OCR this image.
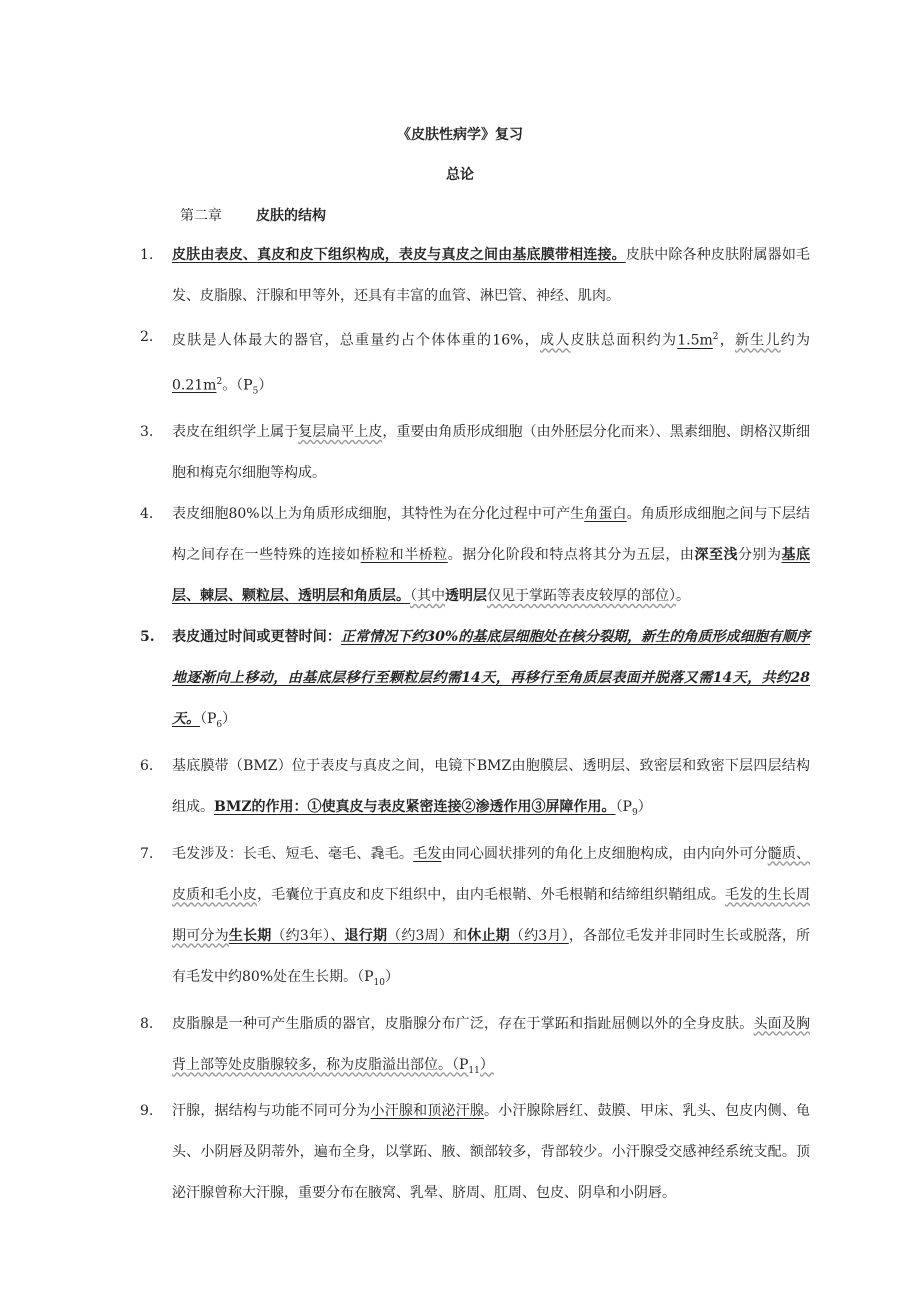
《皮肤性病学》复习
总论
第二章 皮肤的结构
1. 皮肤由表皮、真皮和皮下组织构成，表皮与真皮之间由基底膜带相连接。皮肤中除各种皮肤附属器如毛发、皮脂腺、汗腺和甲等外，还具有丰富的血管、淋巴管、神经、肌肉。
2. 皮肤是人体最大的器官，总重量约占个体体重的16%，成人皮肤总面积约为$1.5m^2$，新生儿约为$0.21m^2$。$(P_5)$
3. 表皮在组织学上属于复层扁平上皮，重要由角质形成细胞（由外胚层分化而来）、黑素细胞、朗格汉斯细胞和梅克尔细胞等构成。
4. 表皮细胞80%以上为角质形成细胞，其特性为在分化过程中可产生角蛋白。角质形成细胞之间与下层结构之间存在一些特殊的连接如桥粒和半桥粒。据分化阶段和特点将其分为五层，由深至浅分别为基底层、棘层、颗粒层、透明层和角质层。（其中透明层仅见于掌跖等表皮较厚的部位）。
5. 表皮通过时间或更替时间：正常情况下约30%的基底层细胞处在核分裂期，新生的角质形成细胞有顺序地逐渐向上移动，由基底层移行至颗粒层约需14天，再移行至角质层表面并脱落又需14天，共约28天。$(P_6)$
6. 基底膜带（BMZ）位于表皮与真皮之间，电镜下BMZ由胞膜层、透明层、致密层和致密下层四层结构组成。BMZ的作用：①使真皮与表皮紧密连接②渗透作用③屏障作用。$(P_9)$
7. 毛发涉及：长毛、短毛、毫毛、毳毛。毛发由同心圆状排列的角化上皮细胞构成，由内向外可分髓质、皮质和毛小皮，毛囊位于真皮和皮下组织中，由内毛根鞘、外毛根鞘和结缔组织鞘组成。毛发的生长周期可分为生长期（约3年）、退行期（约3周）和休止期（约3月），各部位毛发并非同时生长或脱落，所有毛发中约80%处在生长期。$(P_{10})$
8. 皮脂腺是一种可产生脂质的器官，皮脂腺分布广泛，存在于掌跖和指趾屈侧以外的全身皮肤。头面及胸背上部等处皮脂腺较多，称为皮脂溢出部位。$(P_{11})$
9. 汗腺，据结构与功能不同可分为小汗腺和顶泌汗腺。小汗腺除唇红、鼓膜、甲床、乳头、包皮内侧、龟头、小阴唇及阴蒂外，遍布全身，以掌跖、腋、额部较多，背部较少。小汗腺受交感神经系统支配。顶泌汗腺曾称大汗腺，重要分布在腋窝、乳晕、脐周、肛周、包皮、阴阜和小阴唇。
